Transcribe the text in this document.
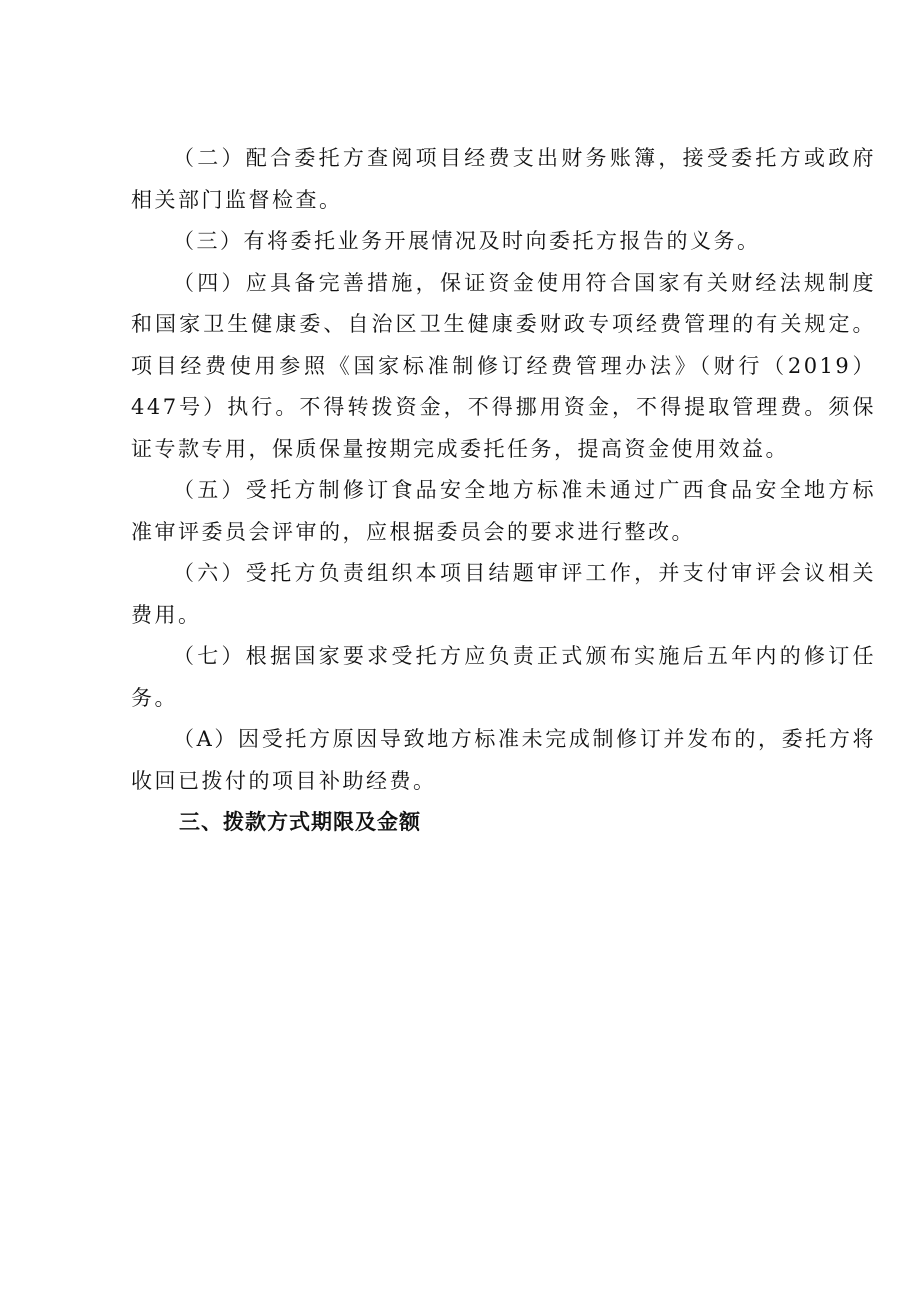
（二）配合委托方查阅项目经费支出财务账簿，接受委托方或政府相关部门监督检查。

（三）有将委托业务开展情况及时向委托方报告的义务。

（四）应具备完善措施，保证资金使用符合国家有关财经法规制度和国家卫生健康委、自治区卫生健康委财政专项经费管理的有关规定。项目经费使用参照《国家标准制修订经费管理办法》（财行（2019）447号）执行。不得转拨资金，不得挪用资金，不得提取管理费。须保证专款专用，保质保量按期完成委托任务，提高资金使用效益。

（五）受托方制修订食品安全地方标准未通过广西食品安全地方标准审评委员会评审的，应根据委员会的要求进行整改。

（六）受托方负责组织本项目结题审评工作，并支付审评会议相关费用。

（七）根据国家要求受托方应负责正式颁布实施后五年内的修订任务。

（A）因受托方原因导致地方标准未完成制修订并发布的，委托方将收回已拨付的项目补助经费。

三、拨款方式期限及金额
